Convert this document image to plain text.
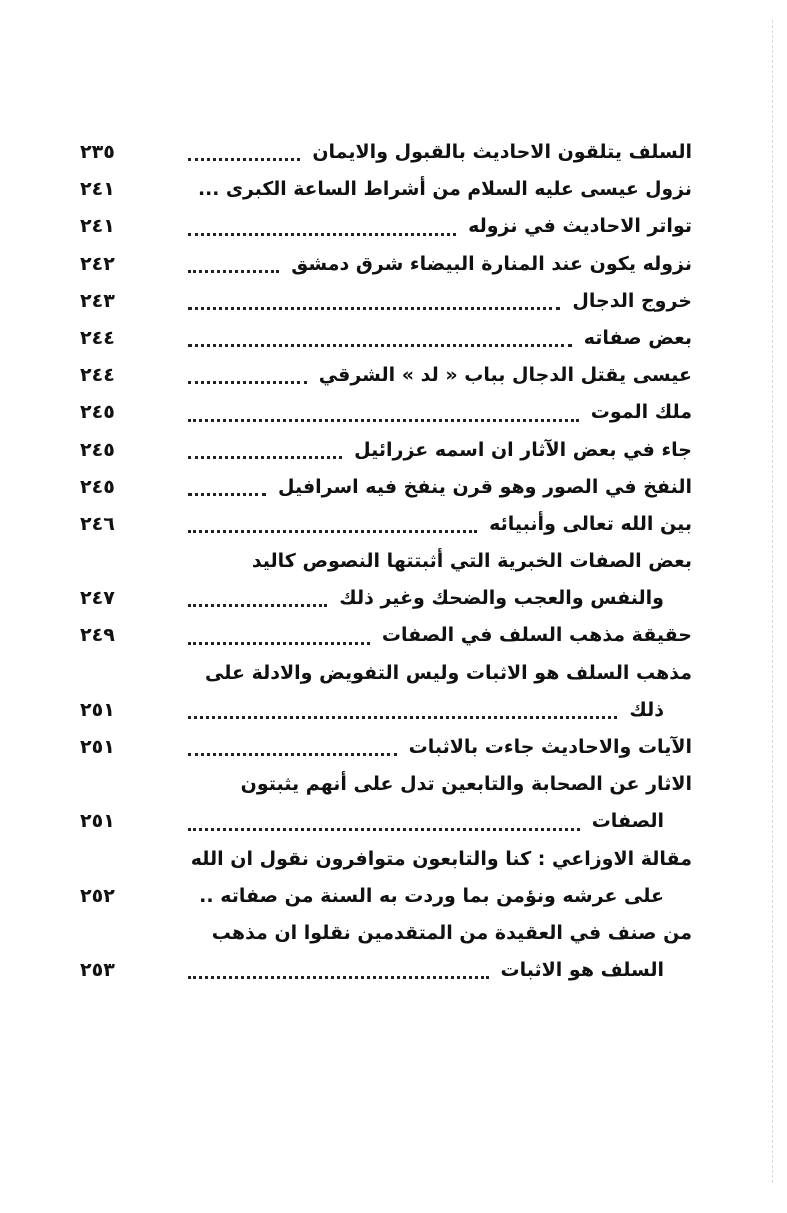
السلف يتلقون الاحاديث بالقبول والايمان
٢٣٥
نزول عيسى عليه السلام من أشراط الساعة الكبرى ...
٢٤١
تواتر الاحاديث في نزوله
٢٤١
نزوله يكون عند المنارة البيضاء شرق دمشق
٢٤٢
خروج الدجال
٢٤٣
بعض صفاته
٢٤٤
عيسى يقتل الدجال بباب « لد » الشرقي
٢٤٤
ملك الموت
٢٤٥
جاء في بعض الآثار ان اسمه عزرائيل
٢٤٥
النفخ في الصور وهو قرن ينفخ فيه اسرافيل
٢٤٥
بين الله تعالى وأنبيائه
٢٤٦
بعض الصفات الخبرية التي أثبتتها النصوص كاليد
والنفس والعجب والضحك وغير ذلك
٢٤٧
حقيقة مذهب السلف في الصفات
٢٤٩
مذهب السلف هو الاثبات وليس التفويض والادلة على
ذلك
٢٥١
الآيات والاحاديث جاءت بالاثبات
٢٥١
الاثار عن الصحابة والتابعين تدل على أنهم يثبتون
الصفات
٢٥١
مقالة الاوزاعي : كنا والتابعون متوافرون نقول ان الله
على عرشه ونؤمن بما وردت به السنة من صفاته ..
٢٥٢
من صنف في العقيدة من المتقدمين نقلوا ان مذهب
السلف هو الاثبات
٢٥٣
